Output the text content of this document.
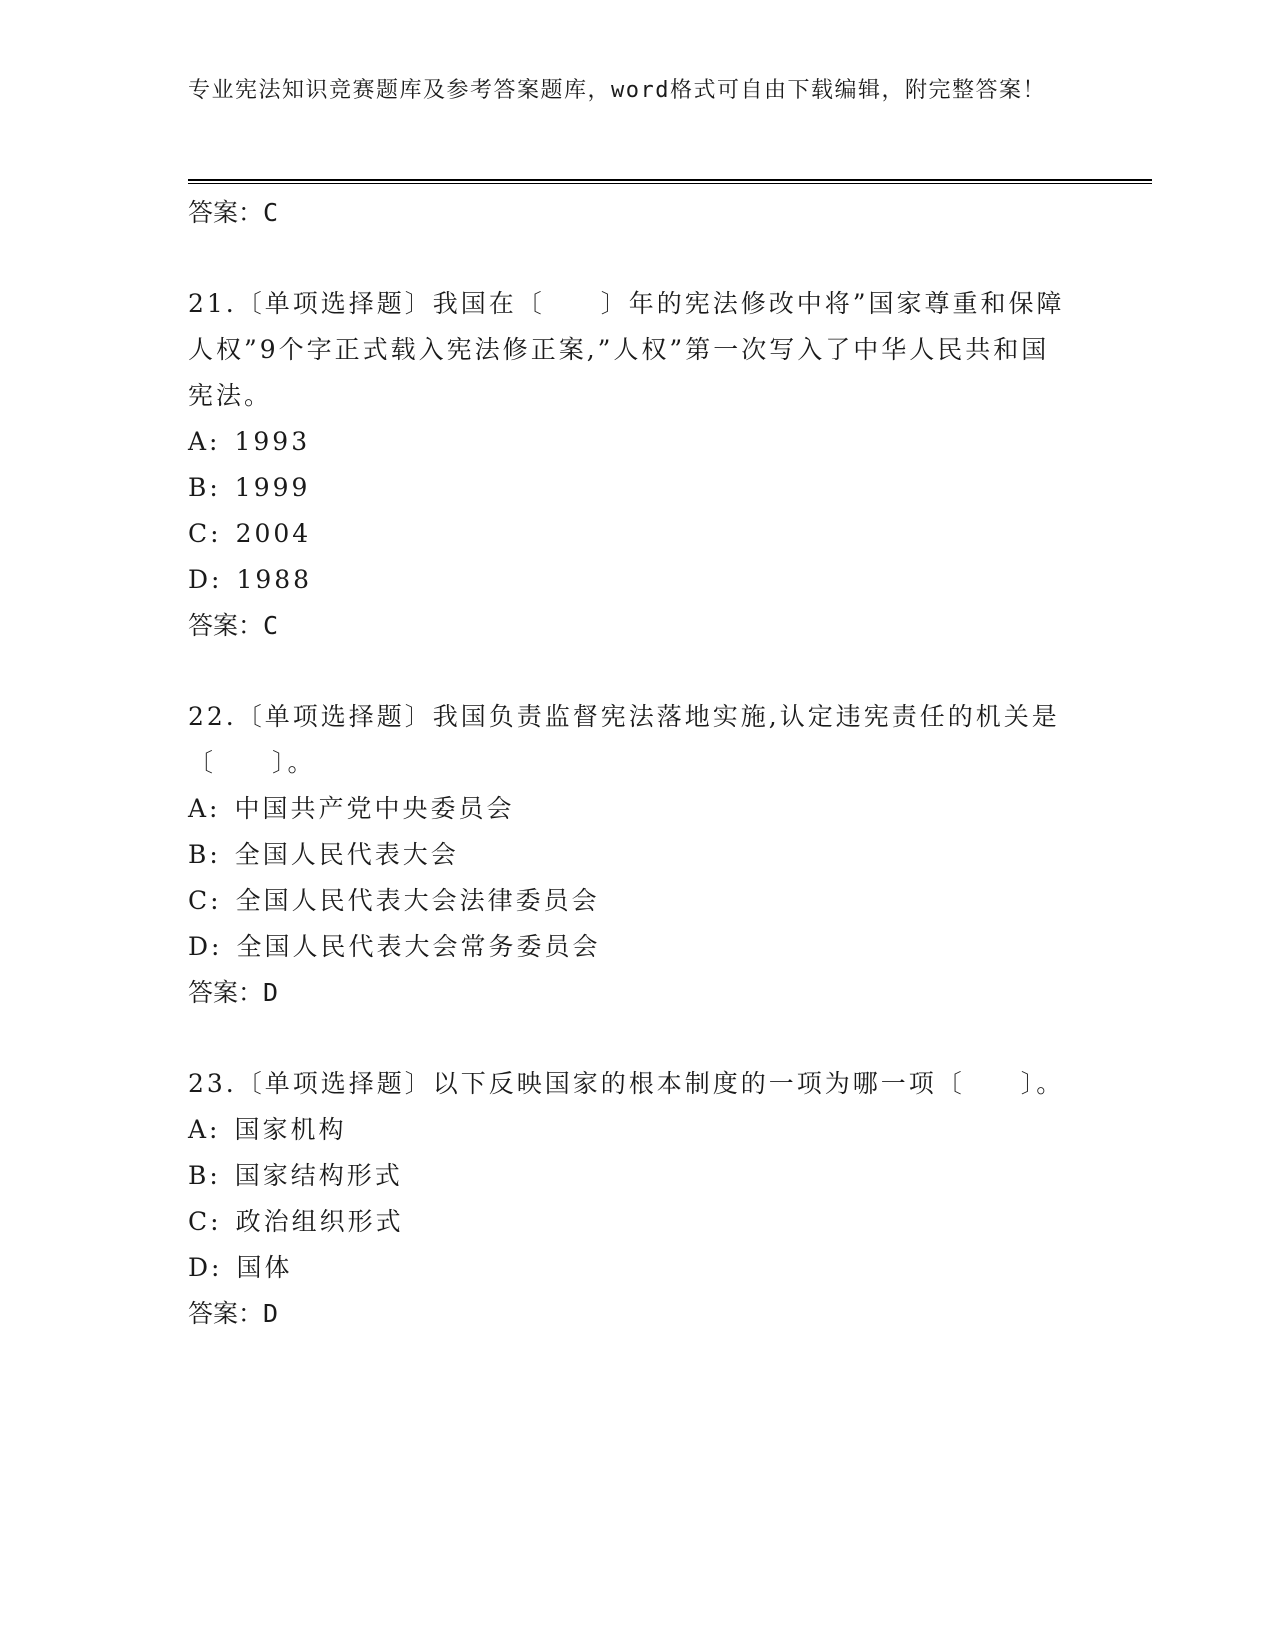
专业宪法知识竞赛题库及参考答案题库，word格式可自由下载编辑，附完整答案！
答案：C
21.〔单项选择题〕我国在〔　　〕年的宪法修改中将”国家尊重和保障人权”9个字正式载入宪法修正案,”人权”第一次写入了中华人民共和国宪法。
A: 1993
B: 1999
C: 2004
D: 1988
答案：C
22.〔单项选择题〕我国负责监督宪法落地实施,认定违宪责任的机关是〔　　〕。
A: 中国共产党中央委员会
B: 全国人民代表大会
C: 全国人民代表大会法律委员会
D: 全国人民代表大会常务委员会
答案：D
23.〔单项选择题〕以下反映国家的根本制度的一项为哪一项〔　　〕。
A: 国家机构
B: 国家结构形式
C: 政治组织形式
D: 国体
答案：D
